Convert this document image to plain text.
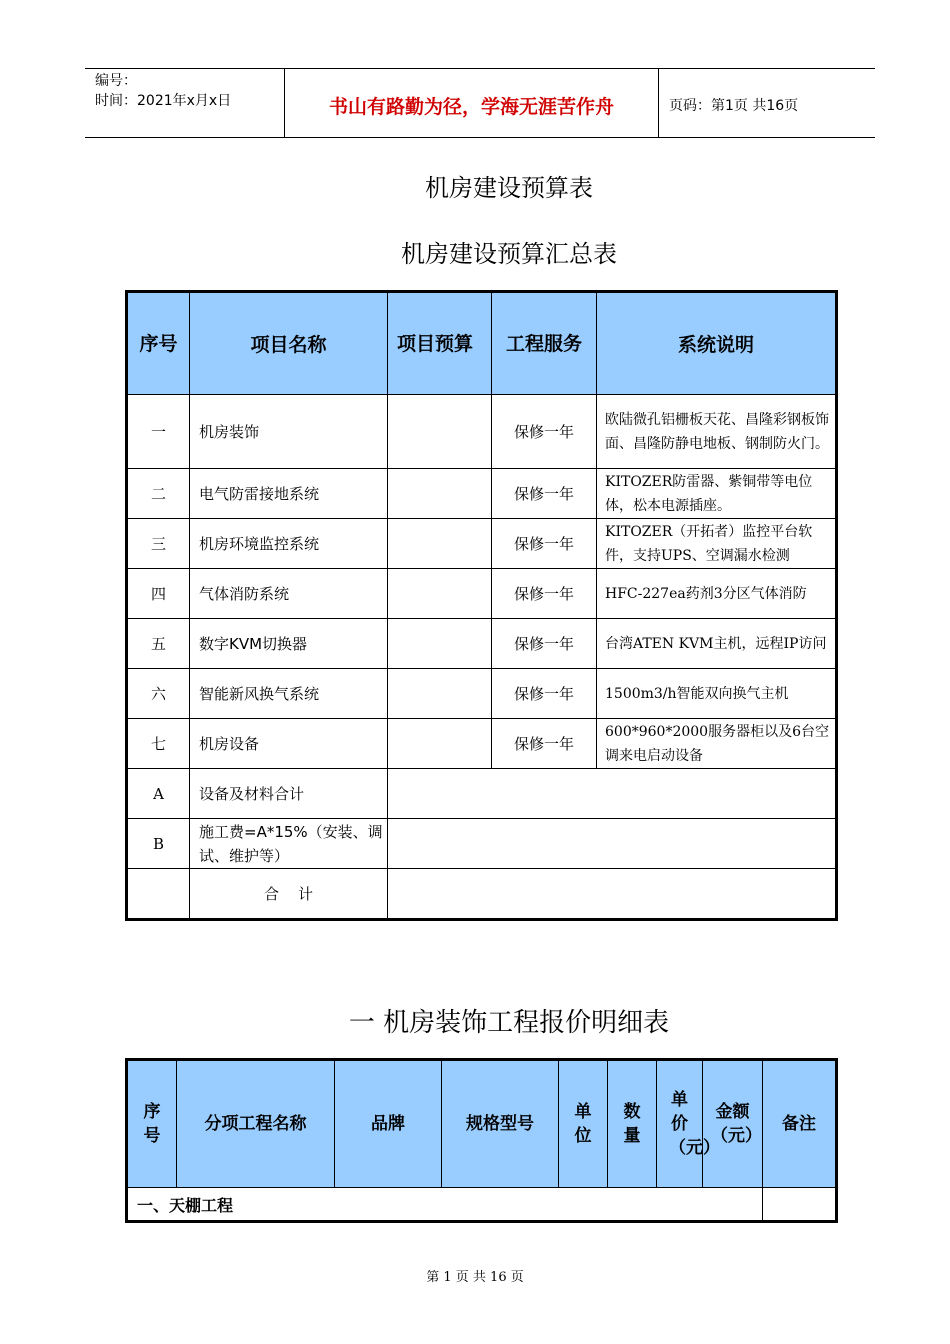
编号：
时间：2021年x月x日	书山有路勤为径，学海无涯苦作舟	页码：第1页 共16页
机房建设预算表
机房建设预算汇总表
序号	项目名称	项目预算	工程服务	系统说明
一	机房装饰		保修一年	欧陆微孔铝栅板天花、昌隆彩钢板饰面、昌隆防静电地板、钢制防火门。
二	电气防雷接地系统		保修一年	KITOZER防雷器、紫铜带等电位体，松本电源插座。
三	机房环境监控系统		保修一年	KITOZER（开拓者）监控平台软件，支持UPS、空调漏水检测
四	气体消防系统		保修一年	HFC-227ea药剂3分区气体消防
五	数字KVM切换器		保修一年	台湾ATEN KVM主机，远程IP访问
六	智能新风换气系统		保修一年	1500m3/h智能双向换气主机
七	机房设备		保修一年	600*960*2000服务器柜以及6台空调来电启动设备
A	设备及材料合计			
B	施工费=A*15%（安装、调试、维护等）			
	合    计			
一 机房装饰工程报价明细表
序号	分项工程名称	品牌	规格型号	单位	数量	单价（元）	金额（元）	备注
一、天棚工程								
第 1 页 共 16 页
